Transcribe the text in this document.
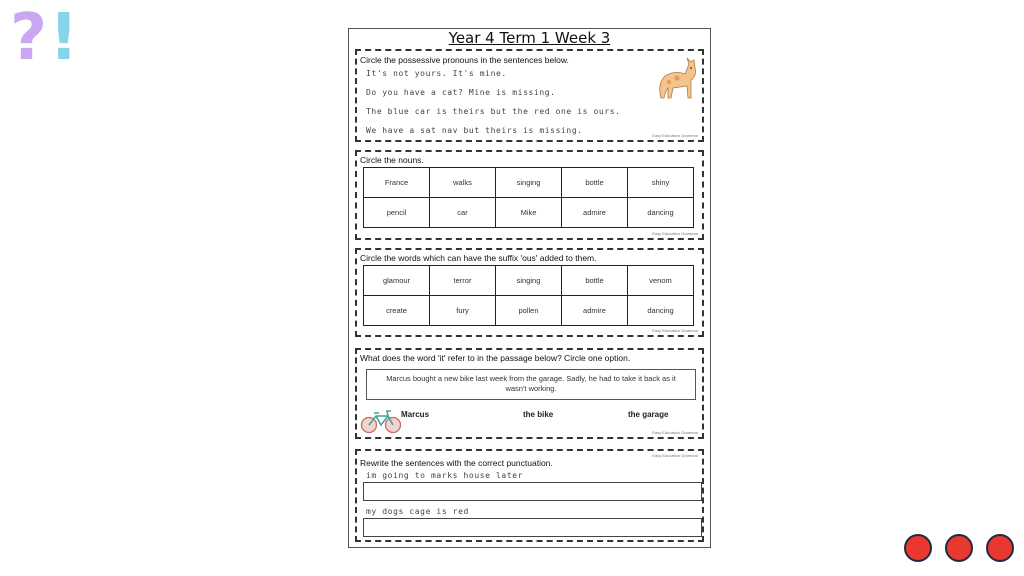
? !	Year 4 Term 1 Week 3
Circle the possessive pronouns in the sentences below.
It's not yours. It's mine.
Do you have a cat? Mine is missing.
The blue car is theirs but the red one is ours.
We have a sat nav but theirs is missing.
Easy Education Grammar
Circle the nouns.
France	walks	singing	bottle	shiny
pencil	car	Mike	admire	dancing
Easy Education Grammar
Circle the words which can have the suffix 'ous' added to them.
glamour	terror	singing	bottle	venom
create	fury	pollen	admire	dancing
Easy Education Grammar
What does the word 'it' refer to in the passage below? Circle one option.
Marcus bought a new bike last week from the garage. Sadly, he had to take it back as it
wasn't working.
Marcus	the bike	the garage
Easy Education Grammar
Easy Education Grammar
Rewrite the sentences with the correct punctuation.
im going to marks house later
my dogs cage is red
